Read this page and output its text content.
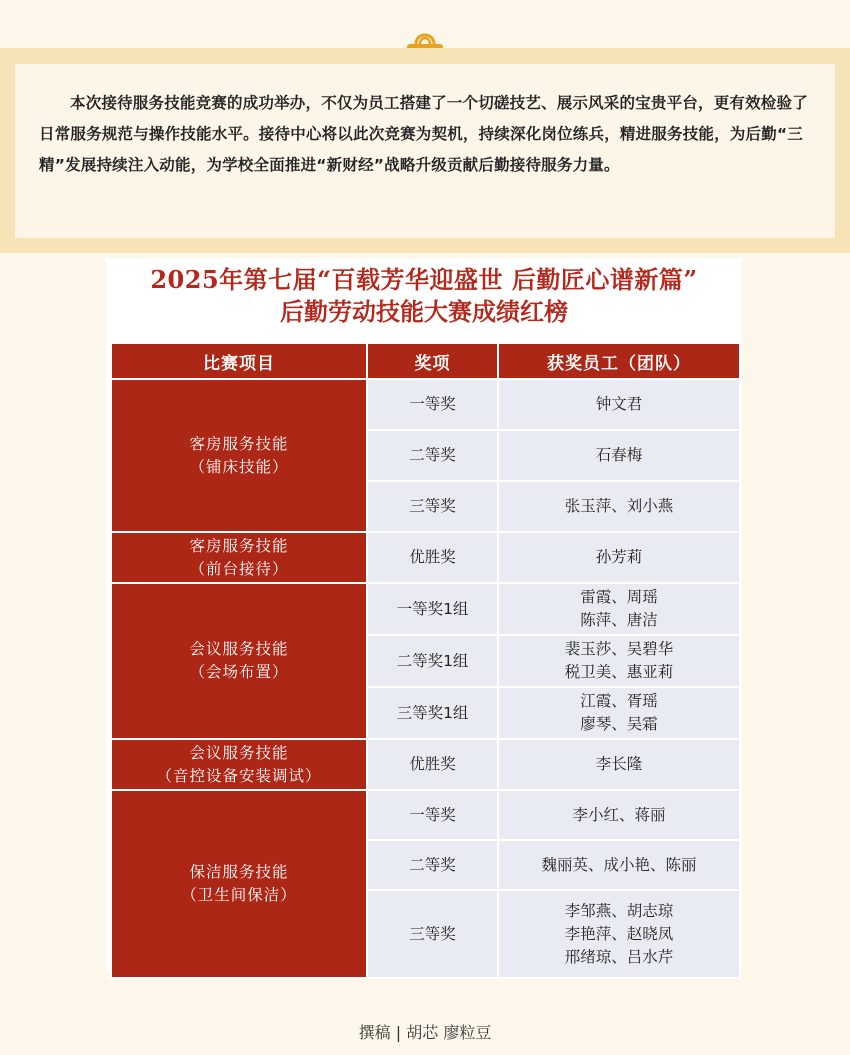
本次接待服务技能竞赛的成功举办，不仅为员工搭建了一个切磋技艺、展示风采的宝贵平台，更有效检验了日常服务规范与操作技能水平。接待中心将以此次竞赛为契机，持续深化岗位练兵，精进服务技能，为后勤“三精”发展持续注入动能，为学校全面推进“新财经”战略升级贡献后勤接待服务力量。

2025年第七届“百载芳华迎盛世 后勤匠心谱新篇”
后勤劳动技能大赛成绩红榜
比赛项目	奖项	获奖员工（团队）

客房服务技能
（铺床技能）	一等奖	钟文君

	二等奖	石春梅

	三等奖	张玉萍、刘小燕

客房服务技能
（前台接待）	优胜奖	孙芳莉

会议服务技能
（会场布置）	一等奖1组	雷霞、周瑶
陈萍、唐洁

	二等奖1组	裴玉莎、吴碧华
税卫美、惠亚莉

	三等奖1组	江霞、胥瑶
廖琴、吴霜

会议服务技能
（音控设备安装调试）	优胜奖	李长隆

保洁服务技能
（卫生间保洁）	一等奖	李小红、蒋丽

	二等奖	魏丽英、成小艳、陈丽

	三等奖	李邹燕、胡志琼
李艳萍、赵晓凤
邢绪琼、吕水芹
撰稿 | 胡芯 廖粒豆
